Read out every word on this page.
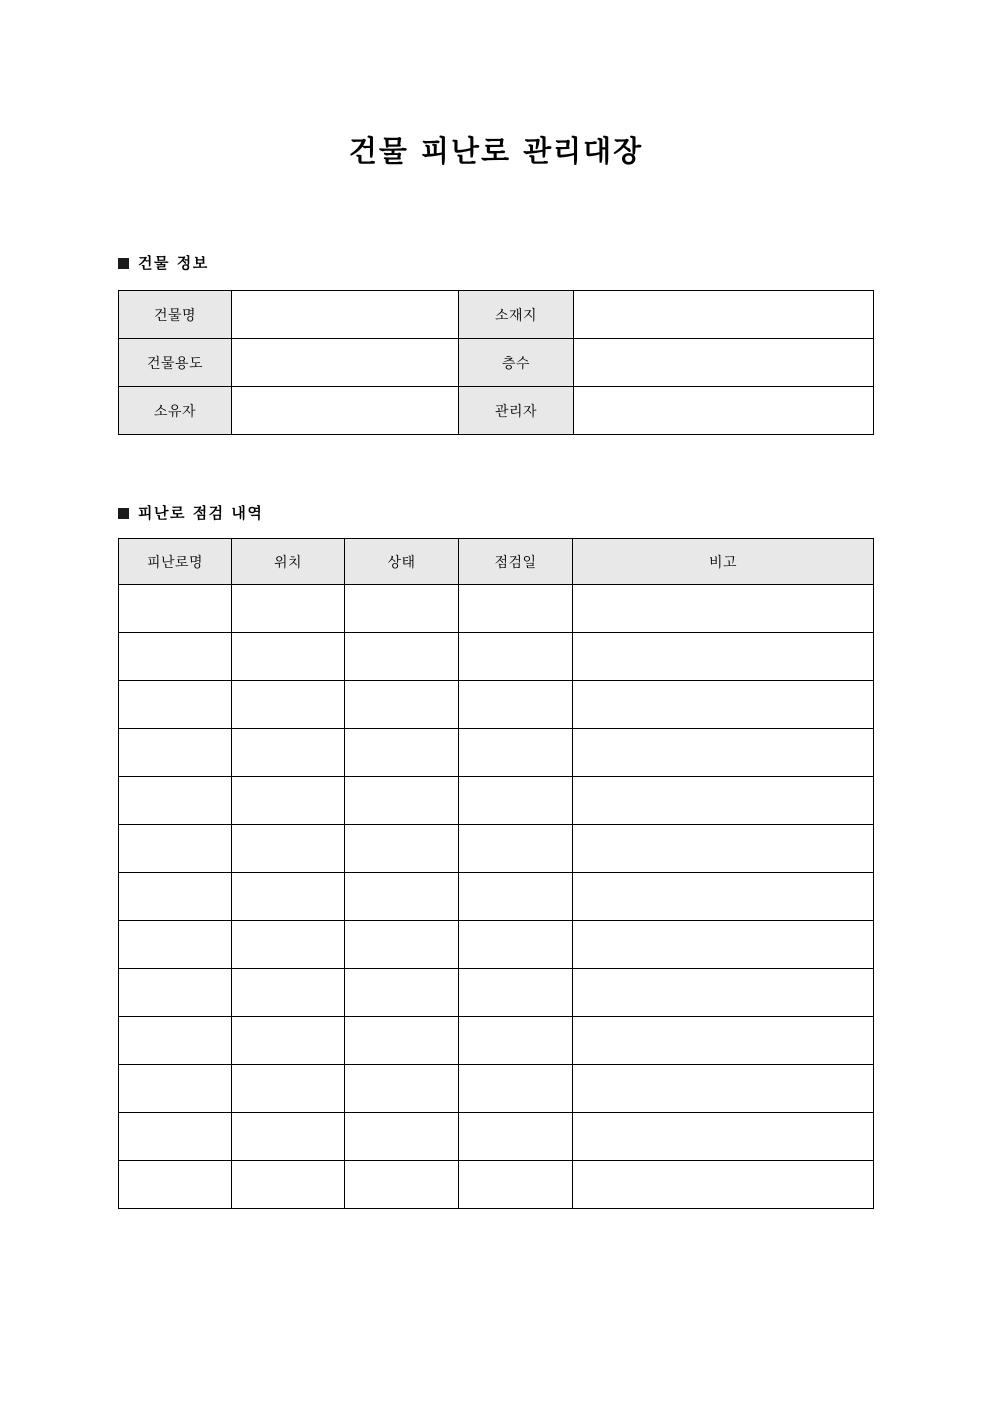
건물 피난로 관리대장
건물 정보
건물명		소재지	
건물용도		층수	
소유자		관리자	
피난로 점검 내역
피난로명	위치	상태	점검일	비고
